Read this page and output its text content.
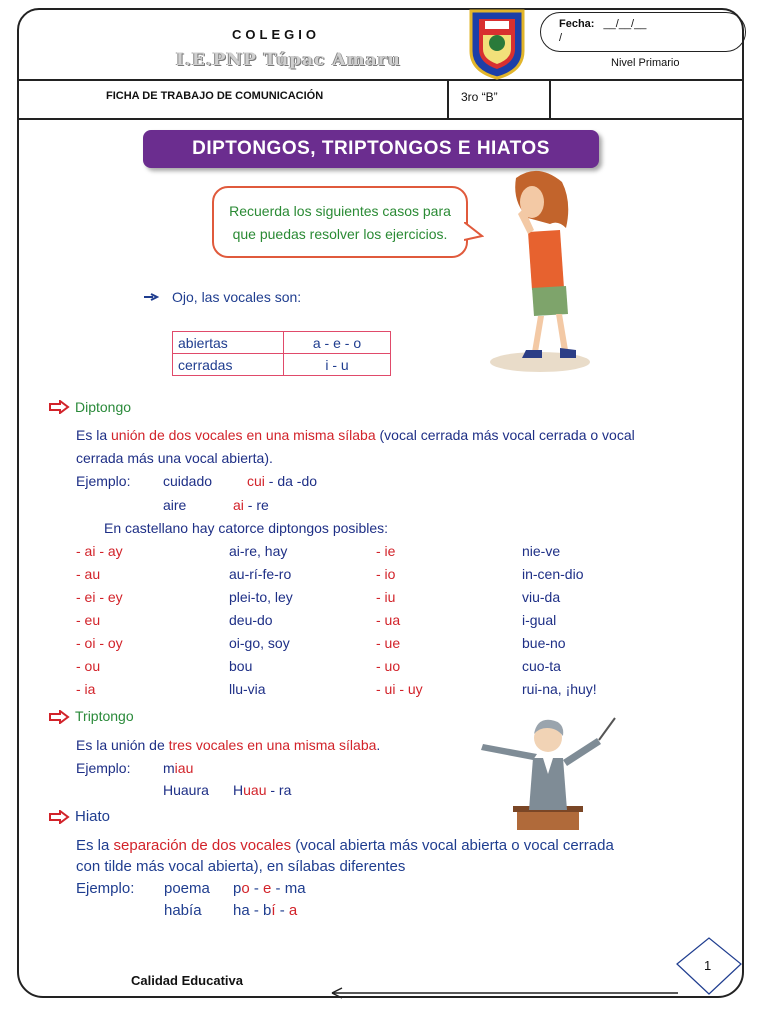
COLEGIO
I.E.PNP Túpac Amaru
Fecha: __/__/__
/
Nivel Primario
FICHA DE TRABAJO DE COMUNICACIÓN	3ro “B”
DIPTONGOS, TRIPTONGOS E HIATOS
Recuerda los siguientes casos para
que puedas resolver los ejercicios.
Ojo, las vocales son:
abiertas	a - e - o
cerradas	i - u
Diptongo
Es la unión de dos vocales en una misma sílaba (vocal cerrada más vocal cerrada o vocal
cerrada más una vocal abierta).
Ejemplo: cuidado cui - da -do
aire	ai - re
En castellano hay catorce diptongos posibles:
- ai - ay	ai-re, hay	- ie	nie-ve
- au	au-rí-fe-ro	- io	in-cen-dio
- ei - ey	plei-to, ley	- iu	viu-da
- eu	deu-do	- ua	i-gual
- oi - oy	oi-go, soy	- ue	bue-no
- ou	bou	- uo	cuo-ta
- ia	llu-via	- ui - uy	rui-na, ¡huy!
Triptongo
Es la unión de tres vocales en una misma sílaba.
Ejemplo: miau
Huaura Huau - ra
Hiato
Es la separación de dos vocales (vocal abierta más vocal abierta o vocal cerrada
con tilde más vocal abierta), en sílabas diferentes
Ejemplo: poema po - e - ma
había ha - bí - a
Calidad Educativa
1
